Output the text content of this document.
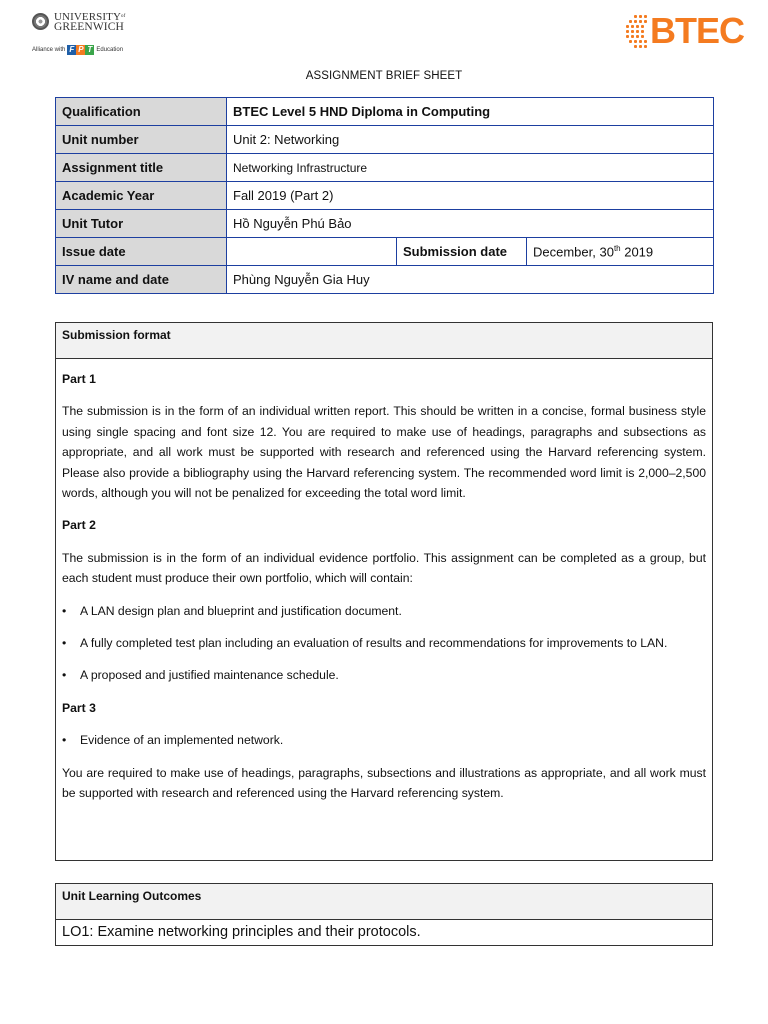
$UNIVERSITY^{of}$
GREENWICH
Alliance with F P T Education	BTEC
ASSIGNMENT BRIEF SHEET
Qualification	BTEC Level 5 HND Diploma in Computing		
Unit number	Unit 2: Networking		
Assignment title	Networking Infrastructure		
Academic Year	Fall 2019 (Part 2)		
Unit Tutor	Hồ Nguyễn Phú Bảo		
Issue date		Submission date	December, 30th 2019
IV name and date	Phùng Nguyễn Gia Huy		
Submission format

Part 1

The submission is in the form of an individual written report. This should be written in a concise, formal business style using single spacing and font size 12. You are required to make use of headings, paragraphs and subsections as appropriate, and all work must be supported with research and referenced using the Harvard referencing system. Please also provide a bibliography using the Harvard referencing system. The recommended word limit is 2,000–2,500 words, although you will not be penalized for exceeding the total word limit.

Part 2

The submission is in the form of an individual evidence portfolio. This assignment can be completed as a group, but each student must produce their own portfolio, which will contain:

• A LAN design plan and blueprint and justification document.
• A fully completed test plan including an evaluation of results and recommendations for improvements to LAN.
• A proposed and justified maintenance schedule.

Part 3

• Evidence of an implemented network.

You are required to make use of headings, paragraphs, subsections and illustrations as appropriate, and all work must be supported with research and referenced using the Harvard referencing system.

Unit Learning Outcomes
LO1: Examine networking principles and their protocols.
